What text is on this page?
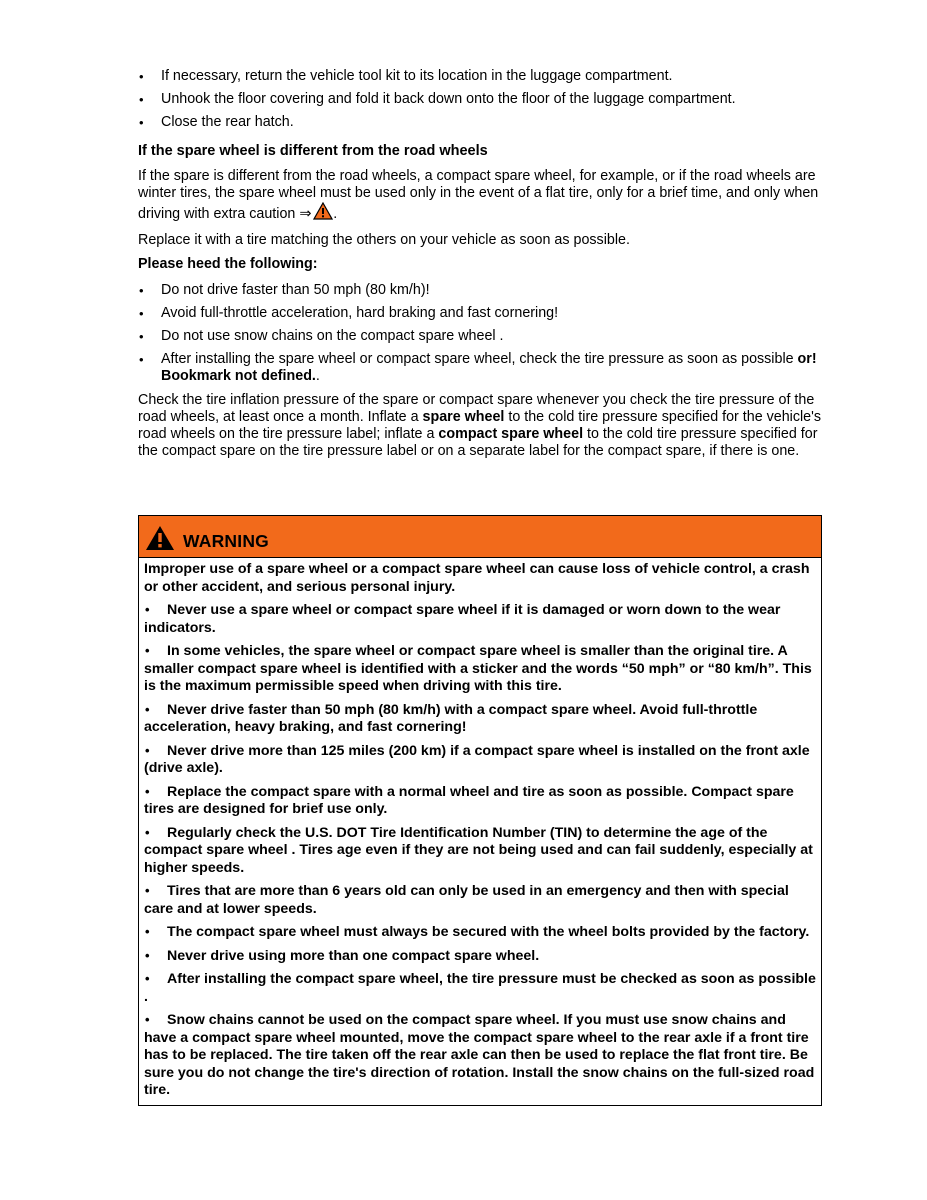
• If necessary, return the vehicle tool kit to its location in the luggage compartment.
• Unhook the floor covering and fold it back down onto the floor of the luggage compartment.
• Close the rear hatch.
If the spare wheel is different from the road wheels

If the spare is different from the road wheels, a compact spare wheel, for example, or if the road wheels are winter tires, the spare wheel must be used only in the event of a flat tire, only for a brief time, and only when driving with extra caution ⇒ .

Replace it with a tire matching the others on your vehicle as soon as possible.

Please heed the following:
• Do not drive faster than 50 mph (80 km/h)!
• Avoid full-throttle acceleration, hard braking and fast cornering!
• Do not use snow chains on the compact spare wheel .
• After installing the spare wheel or compact spare wheel, check the tire pressure as soon as possible or! Bookmark not defined..

Check the tire inflation pressure of the spare or compact spare whenever you check the tire pressure of the road wheels, at least once a month. Inflate a spare wheel to the cold tire pressure specified for the vehicle's road wheels on the tire pressure label; inflate a compact spare wheel to the cold tire pressure specified for the compact spare on the tire pressure label or on a separate label for the compact spare, if there is one.

WARNING
Improper use of a spare wheel or a compact spare wheel can cause loss of vehicle control, a crash or other accident, and serious personal injury.
• Never use a spare wheel or compact spare wheel if it is damaged or worn down to the wear indicators.
• In some vehicles, the spare wheel or compact spare wheel is smaller than the original tire. A smaller compact spare wheel is identified with a sticker and the words “50 mph” or “80 km/h”. This is the maximum permissible speed when driving with this tire.
• Never drive faster than 50 mph (80 km/h) with a compact spare wheel. Avoid full-throttle acceleration, heavy braking, and fast cornering!
• Never drive more than 125 miles (200 km) if a compact spare wheel is installed on the front axle (drive axle).
• Replace the compact spare with a normal wheel and tire as soon as possible. Compact spare tires are designed for brief use only.
• Regularly check the U.S. DOT Tire Identification Number (TIN) to determine the age of the compact spare wheel . Tires age even if they are not being used and can fail suddenly, especially at higher speeds.
• Tires that are more than 6 years old can only be used in an emergency and then with special care and at lower speeds.
• The compact spare wheel must always be secured with the wheel bolts provided by the factory.
• Never drive using more than one compact spare wheel.
• After installing the compact spare wheel, the tire pressure must be checked as soon as possible .
• Snow chains cannot be used on the compact spare wheel. If you must use snow chains and have a compact spare wheel mounted, move the compact spare wheel to the rear axle if a front tire has to be replaced. The tire taken off the rear axle can then be used to replace the flat front tire. Be sure you do not change the tire's direction of rotation. Install the snow chains on the full-sized road tire.
